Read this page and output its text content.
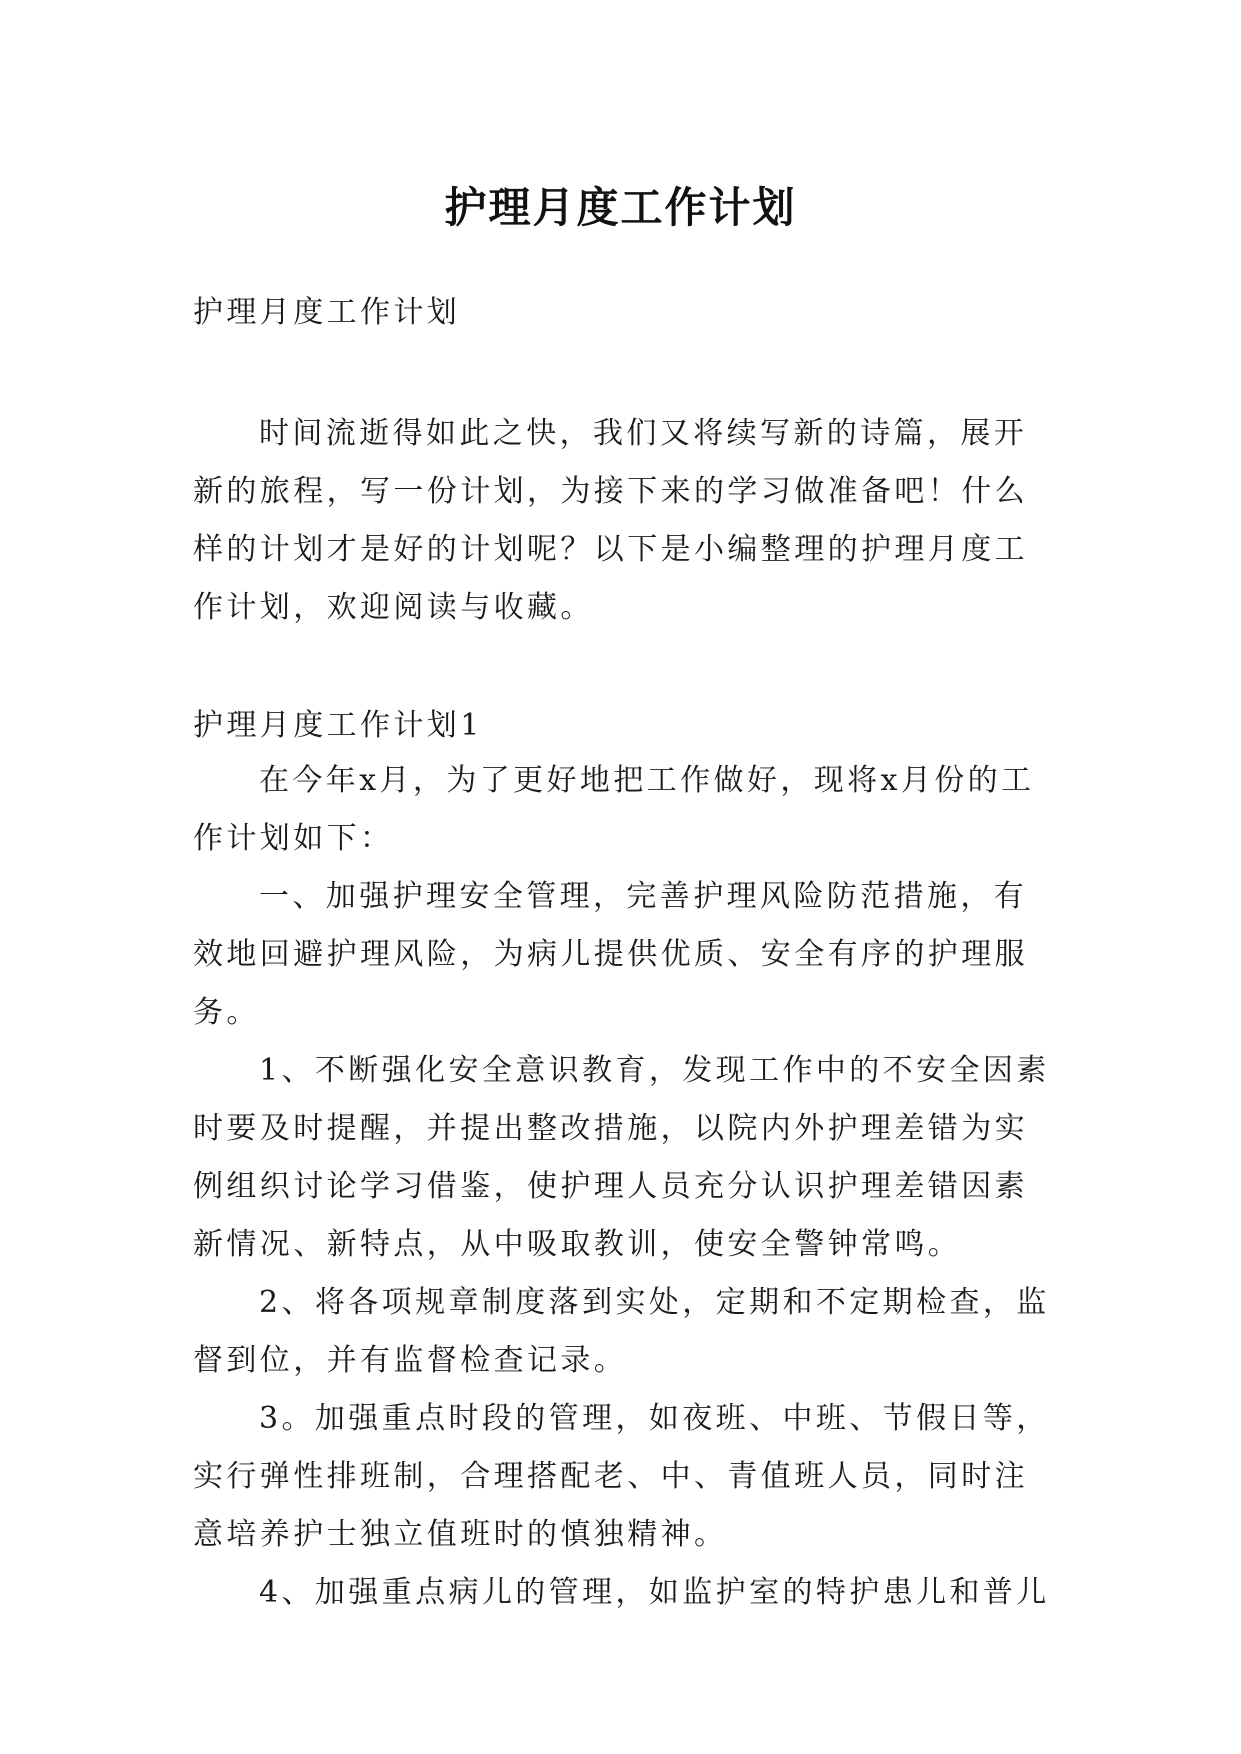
护理月度工作计划
护理月度工作计划

时间流逝得如此之快，我们又将续写新的诗篇，展开新的旅程，写一份计划，为接下来的学习做准备吧！什么样的计划才是好的计划呢？以下是小编整理的护理月度工作计划，欢迎阅读与收藏。

护理月度工作计划1

在今年x月，为了更好地把工作做好，现将x月份的工作计划如下：

一、加强护理安全管理，完善护理风险防范措施，有效地回避护理风险，为病儿提供优质、安全有序的护理服务。

1、不断强化安全意识教育，发现工作中的不安全因素时要及时提醒，并提出整改措施，以院内外护理差错为实例组织讨论学习借鉴，使护理人员充分认识护理差错因素新情况、新特点，从中吸取教训，使安全警钟常鸣。

2、将各项规章制度落到实处，定期和不定期检查，监督到位，并有监督检查记录。

3。加强重点时段的管理，如夜班、中班、节假日等，实行弹性排班制，合理搭配老、中、青值班人员，同时注意培养护士独立值班时的慎独精神。

4、加强重点病儿的管理，如监护室的特护患儿和普儿
